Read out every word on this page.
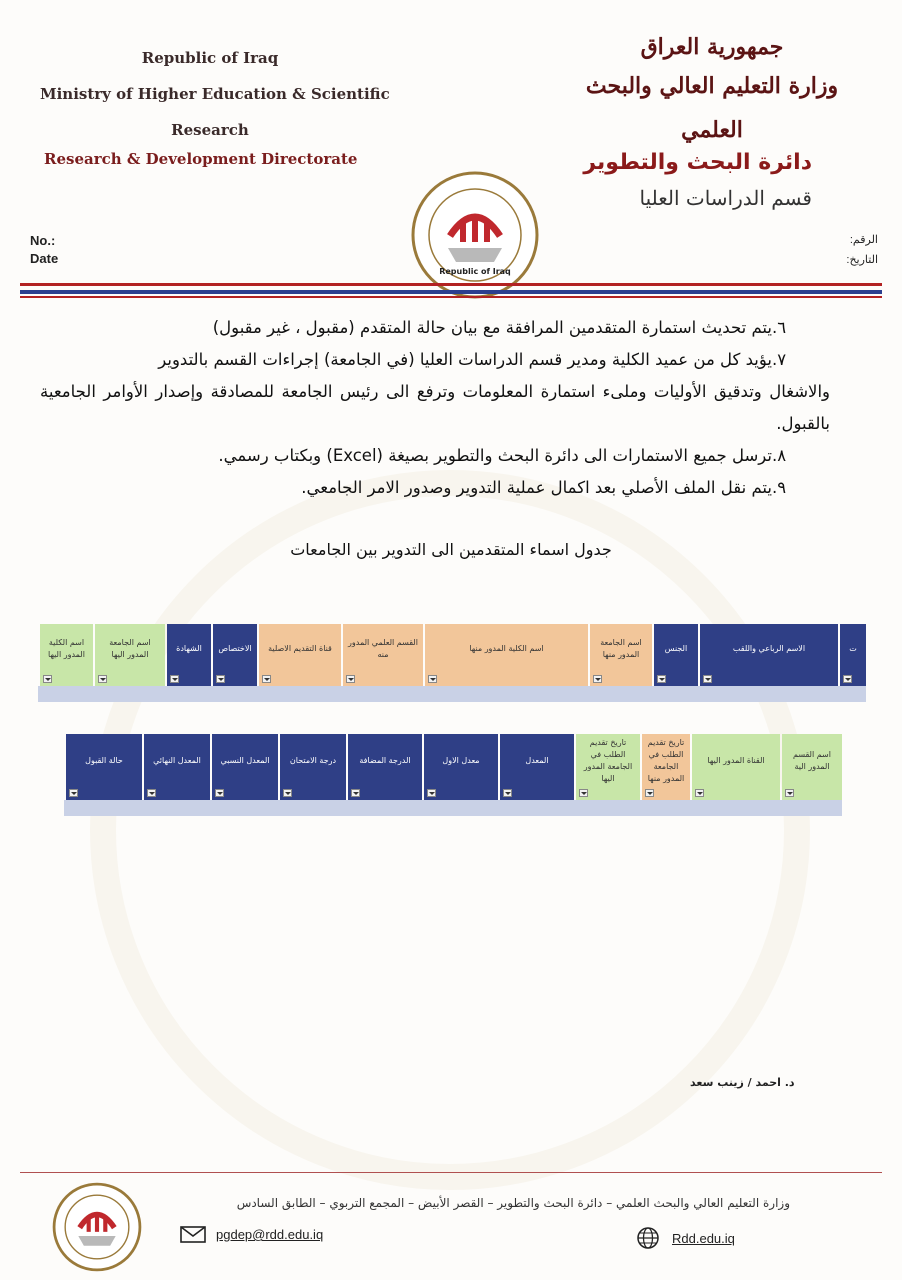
Republic of Iraq
Ministry of Higher Education & Scientific
Research
Research & Development Directorate
No.:
Date
جمهورية العراق
وزارة التعليم العالي والبحث العلمي
دائرة البحث والتطوير
قسم الدراسات العليا
الرقم:
التاريخ:
Republic of Iraq
٦.
يتم تحديث استمارة المتقدمين المرافقة مع بيان حالة المتقدم (مقبول ، غير مقبول)
٧.
يؤيد كل من عميد الكلية ومدير قسم الدراسات العليا (في الجامعة) إجراءات القسم بالتدوير
والاشغال وتدقيق الأوليات وملىء استمارة المعلومات وترفع الى رئيس الجامعة للمصادقة وإصدار الأوامر الجامعية بالقبول.
٨.
ترسل جميع الاستمارات الى دائرة البحث والتطوير بصيغة (Excel) وبكتاب رسمي.
٩.
يتم نقل الملف الأصلي بعد اكمال عملية التدوير وصدور الامر الجامعي.
جدول اسماء المتقدمين الى التدوير بين الجامعات
ت
الاسم الرباعي واللقب
الجنس
اسم الجامعة المدور منها
اسم الكلية المدور منها
القسم العلمي المدور منه
قناة التقديم الاصلية
الاختصاص
الشهادة
اسم الجامعة المدور اليها
اسم الكلية المدور اليها
اسم القسم المدور الية
القناة المدور اليها
تاريخ تقديم الطلب في الجامعة المدور منها
تاريخ تقديم الطلب في الجامعة المدور اليها
المعدل
معدل الاول
الدرجة المضافة
درجة الامتحان
المعدل النسبي
المعدل النهائي
حالة القبول
د. احمد / زينب سعد
وزارة التعليم العالي والبحث العلمي – دائرة البحث والتطوير – القصر الأبيض – المجمع التربوي – الطابق السادس
pgdep@rdd.edu.iq	Rdd.edu.iq
